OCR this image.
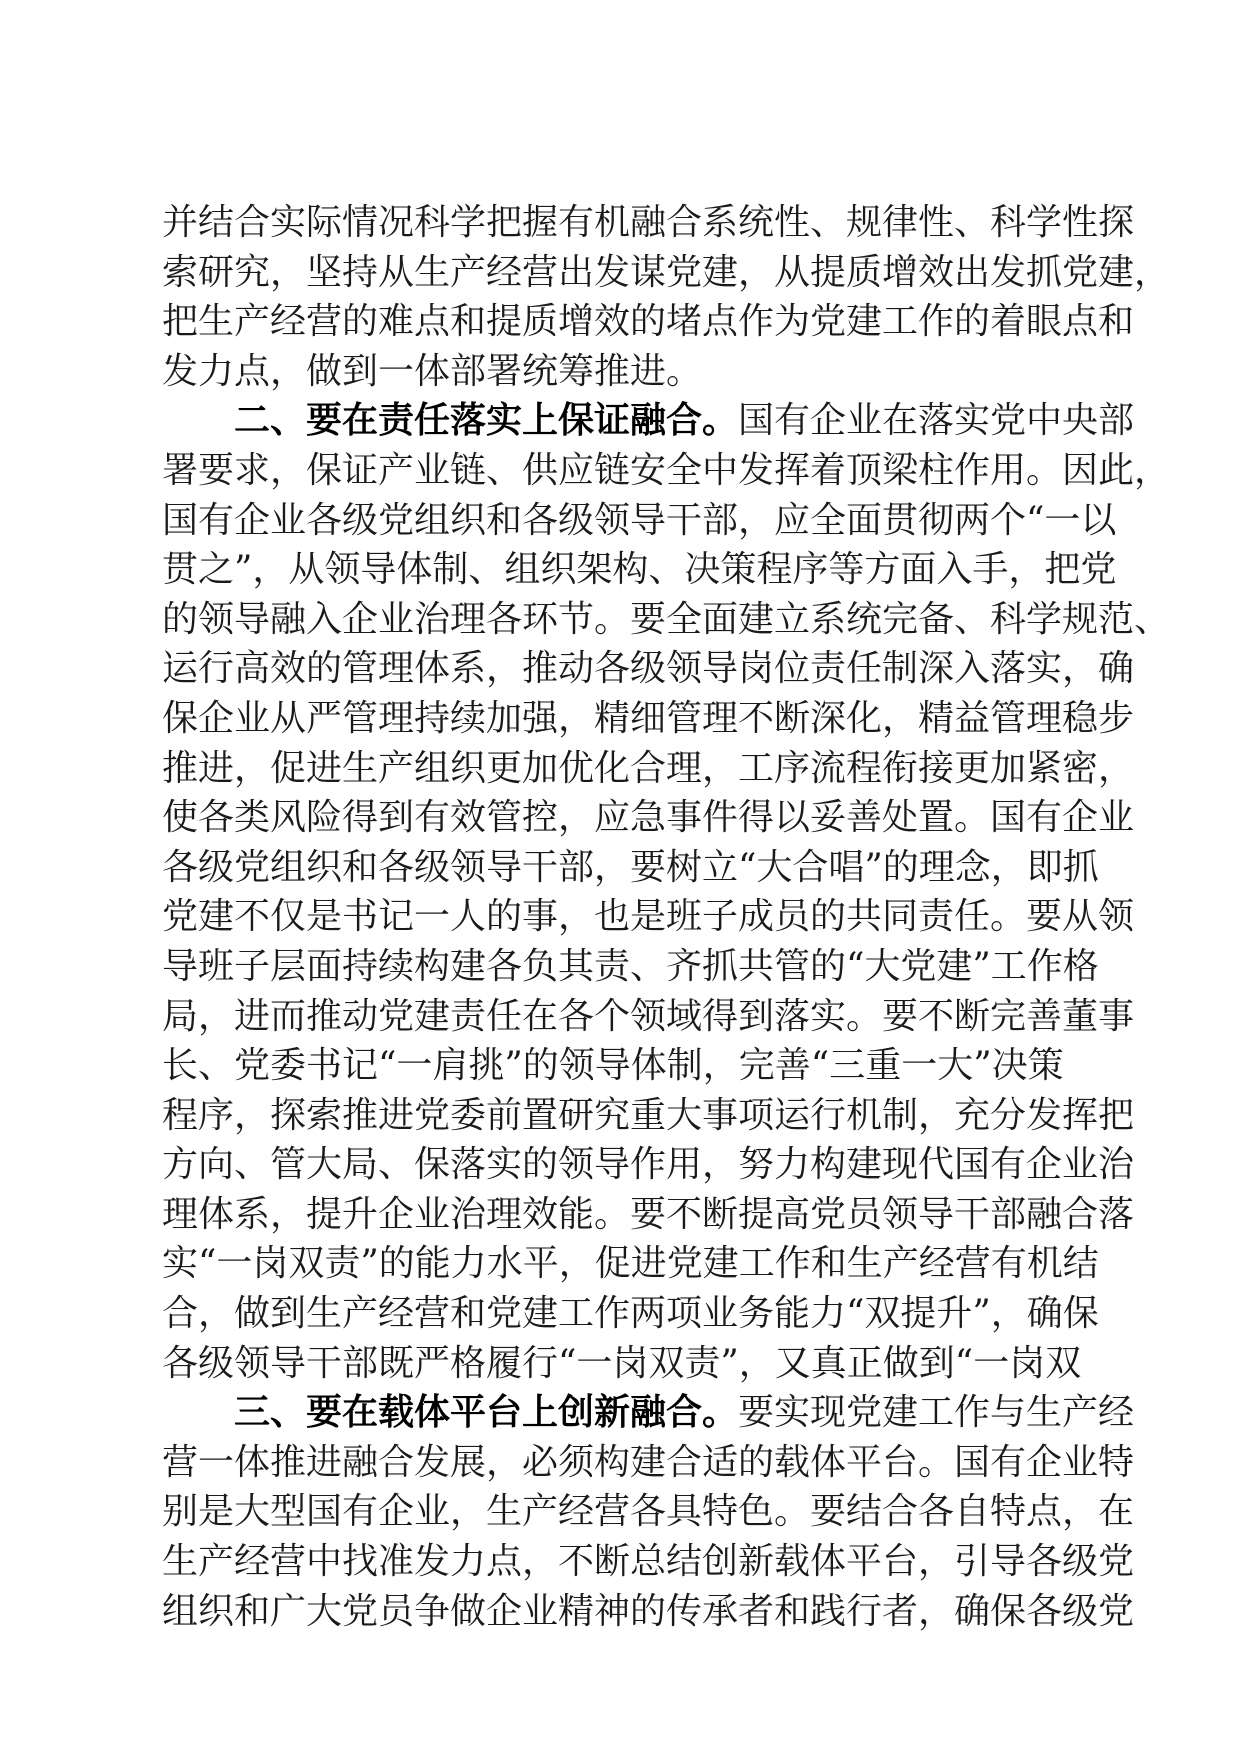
并结合实际情况科学把握有机融合系统性、规律性、科学性探
索研究，坚持从生产经营出发谋党建，从提质增效出发抓党建，
把生产经营的难点和提质增效的堵点作为党建工作的着眼点和
发力点，做到一体部署统筹推进。
二、要在责任落实上保证融合。国有企业在落实党中央部
署要求，保证产业链、供应链安全中发挥着顶梁柱作用。因此，
国有企业各级党组织和各级领导干部，应全面贯彻两个“一以
贯之”，从领导体制、组织架构、决策程序等方面入手，把党
的领导融入企业治理各环节。要全面建立系统完备、科学规范、
运行高效的管理体系，推动各级领导岗位责任制深入落实，确
保企业从严管理持续加强，精细管理不断深化，精益管理稳步
推进，促进生产组织更加优化合理，工序流程衔接更加紧密，
使各类风险得到有效管控，应急事件得以妥善处置。国有企业
各级党组织和各级领导干部，要树立“大合唱”的理念，即抓
党建不仅是书记一人的事，也是班子成员的共同责任。要从领
导班子层面持续构建各负其责、齐抓共管的“大党建”工作格
局，进而推动党建责任在各个领域得到落实。要不断完善董事
长、党委书记“一肩挑”的领导体制，完善“三重一大”决策
程序，探索推进党委前置研究重大事项运行机制，充分发挥把
方向、管大局、保落实的领导作用，努力构建现代国有企业治
理体系，提升企业治理效能。要不断提高党员领导干部融合落
实“一岗双责”的能力水平，促进党建工作和生产经营有机结
合，做到生产经营和党建工作两项业务能力“双提升”，确保
各级领导干部既严格履行“一岗双责”，又真正做到“一岗双
三、要在载体平台上创新融合。要实现党建工作与生产经
营一体推进融合发展，必须构建合适的载体平台。国有企业特
别是大型国有企业，生产经营各具特色。要结合各自特点，在
生产经营中找准发力点，不断总结创新载体平台，引导各级党
组织和广大党员争做企业精神的传承者和践行者，确保各级党
